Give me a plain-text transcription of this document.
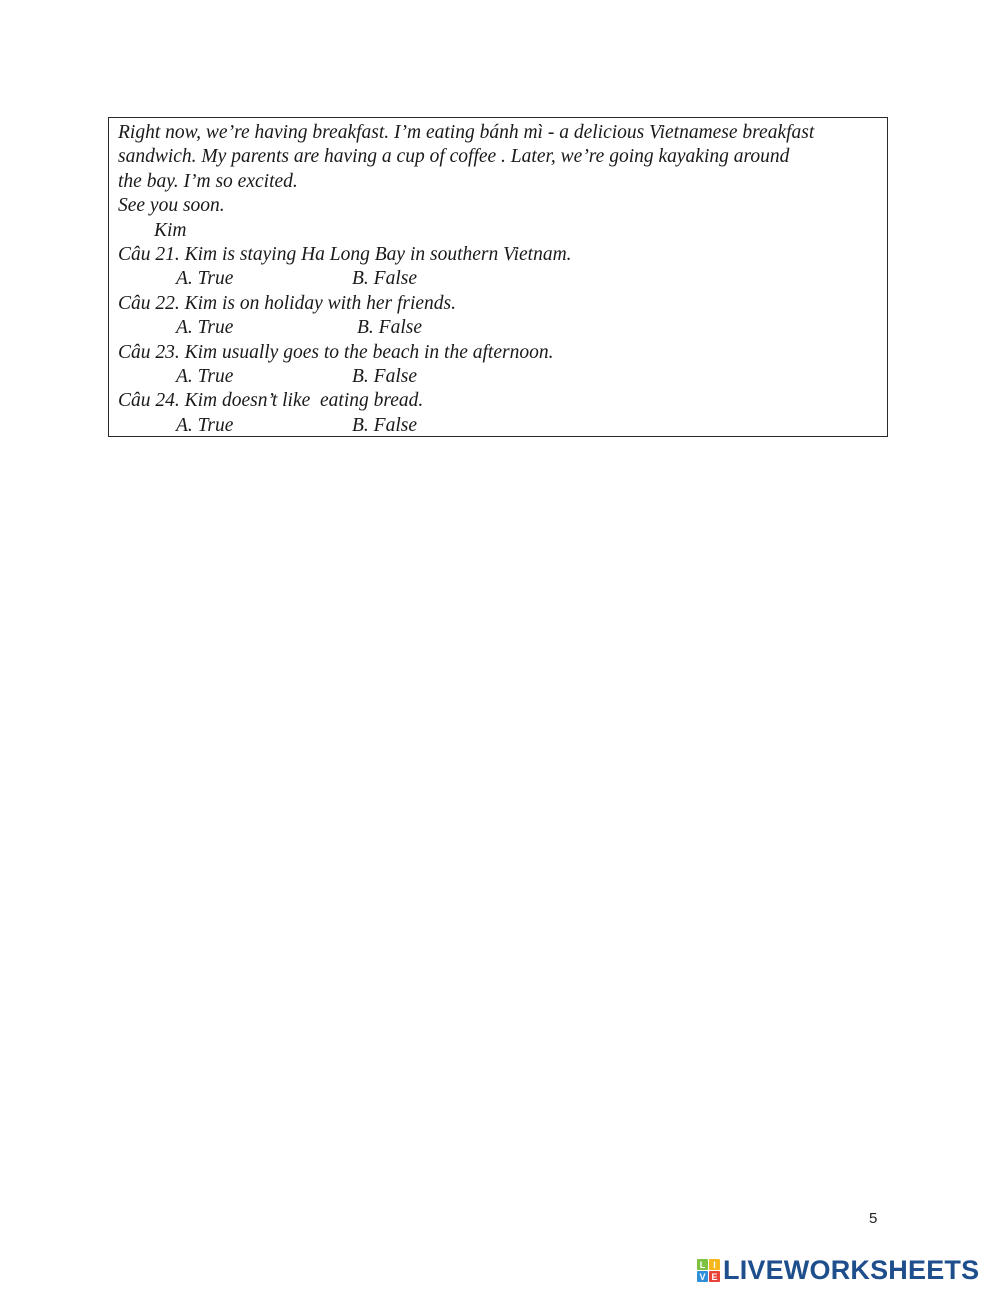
Right now, we’re having breakfast. I’m eating bánh mì - a delicious Vietnamese breakfast
sandwich. My parents are having a cup of coffee . Later, we’re going kayaking around
the bay. I’m so excited.
See you soon.
Kim
Câu 21. Kim is staying Ha Long Bay in southern Vietnam.
A. True	B. False
Câu 22. Kim is on holiday with her friends.
A. True	B. False
Câu 23. Kim usually goes to the beach in the afternoon.
A. True	B. False
Câu 24. Kim doesn’t like  eating bread.
A. True	B. False
5
L I
V E LIVEWORKSHEETS
